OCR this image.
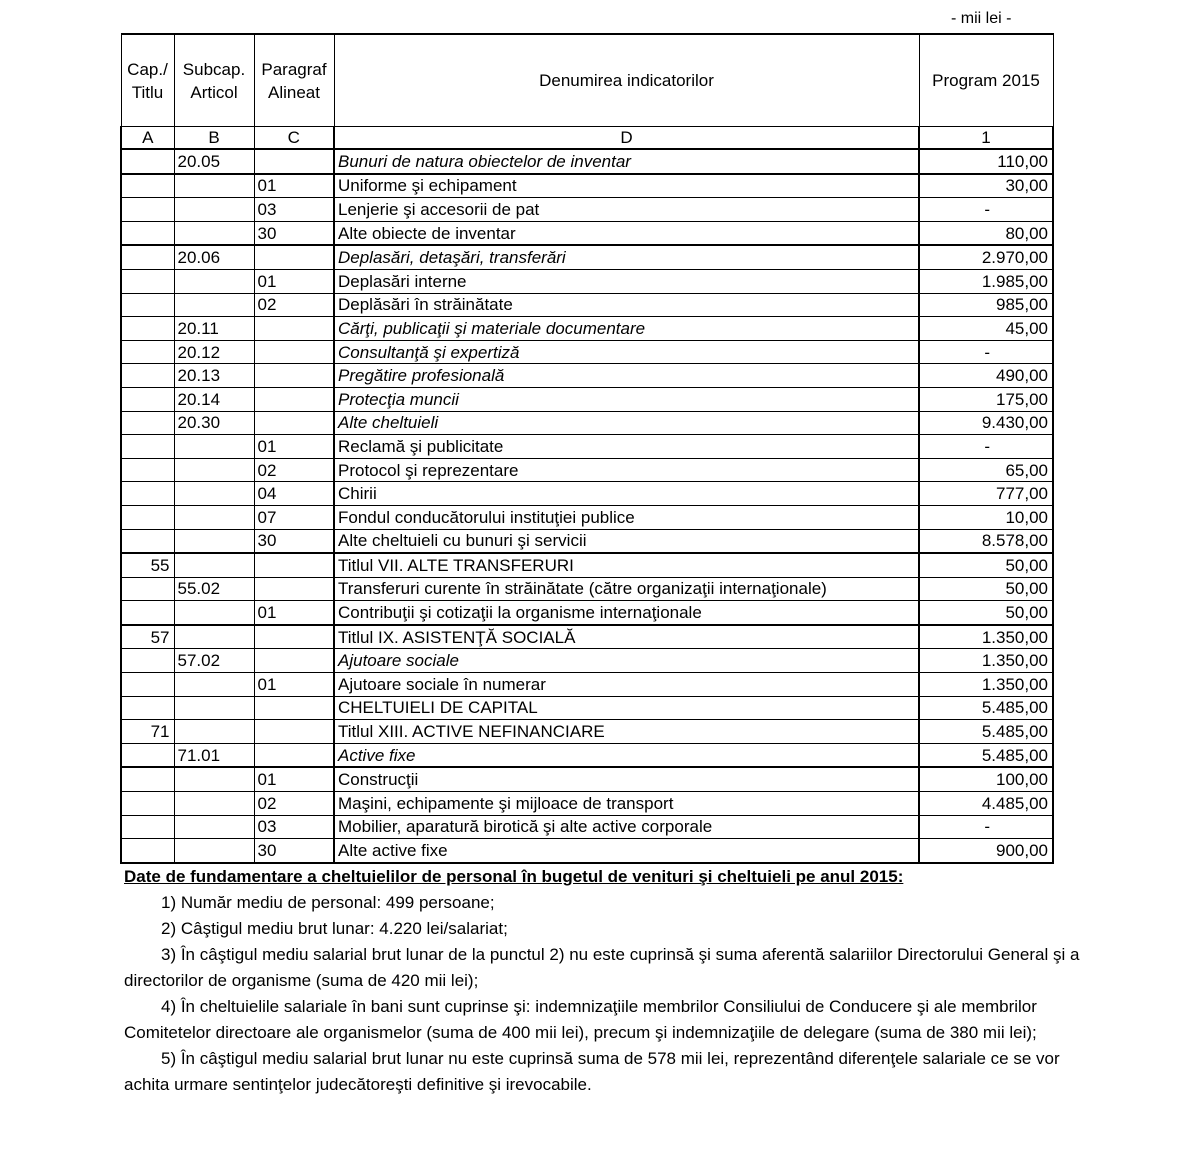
- mii lei -
Cap./ Titlu	Subcap. Articol	Paragraf Alineat	Denumirea indicatorilor	Program 2015
A	B	C	D	1
	20.05		Bunuri de natura obiectelor de inventar	110,00
		01	Uniforme şi echipament	30,00
		03	Lenjerie şi accesorii de pat	-
		30	Alte obiecte de inventar	80,00
	20.06		Deplasări, detaşări, transferări	2.970,00
		01	Deplasări interne	1.985,00
		02	Deplăsări în străinătate	985,00
	20.11		Cărţi, publicaţii şi materiale documentare	45,00
	20.12		Consultanţă şi expertiză	-
	20.13		Pregătire profesională	490,00
	20.14		Protecţia muncii	175,00
	20.30		Alte cheltuieli	9.430,00
		01	Reclamă şi publicitate	-
		02	Protocol şi reprezentare	65,00
		04	Chirii	777,00
		07	Fondul conducătorului instituţiei publice	10,00
		30	Alte cheltuieli cu bunuri şi servicii	8.578,00
55			Titlul VII. ALTE TRANSFERURI	50,00
	55.02		Transferuri curente în străinătate (către organizaţii internaţionale)	50,00
		01	Contribuţii şi cotizaţii la organisme internaţionale	50,00
57			Titlul IX. ASISTENŢĂ SOCIALĂ	1.350,00
	57.02		Ajutoare sociale	1.350,00
		01	Ajutoare sociale în numerar	1.350,00
			CHELTUIELI DE CAPITAL	5.485,00
71			Titlul XIII. ACTIVE NEFINANCIARE	5.485,00
	71.01		Active fixe	5.485,00
		01	Construcţii	100,00
		02	Maşini, echipamente şi mijloace de transport	4.485,00
		03	Mobilier, aparatură birotică şi alte active corporale	-
		30	Alte active fixe	900,00
Date de fundamentare a cheltuielilor de personal în bugetul de venituri şi cheltuieli pe anul 2015:

1) Număr mediu de personal: 499 persoane;

2) Câştigul mediu brut lunar: 4.220 lei/salariat;

3) În câştigul mediu salarial brut lunar de la punctul 2) nu este cuprinsă şi suma aferentă salariilor Directorului General şi a directorilor de organisme (suma de 420 mii lei);

4) În cheltuielile salariale în bani sunt cuprinse şi: indemnizaţiile membrilor Consiliului de Conducere şi ale membrilor Comitetelor directoare ale organismelor (suma de 400 mii lei), precum şi indemnizaţiile de delegare (suma de 380 mii lei);

5) În câştigul mediu salarial brut lunar nu este cuprinsă suma de 578 mii lei, reprezentând diferenţele salariale ce se vor achita urmare sentinţelor judecătoreşti definitive şi irevocabile.
